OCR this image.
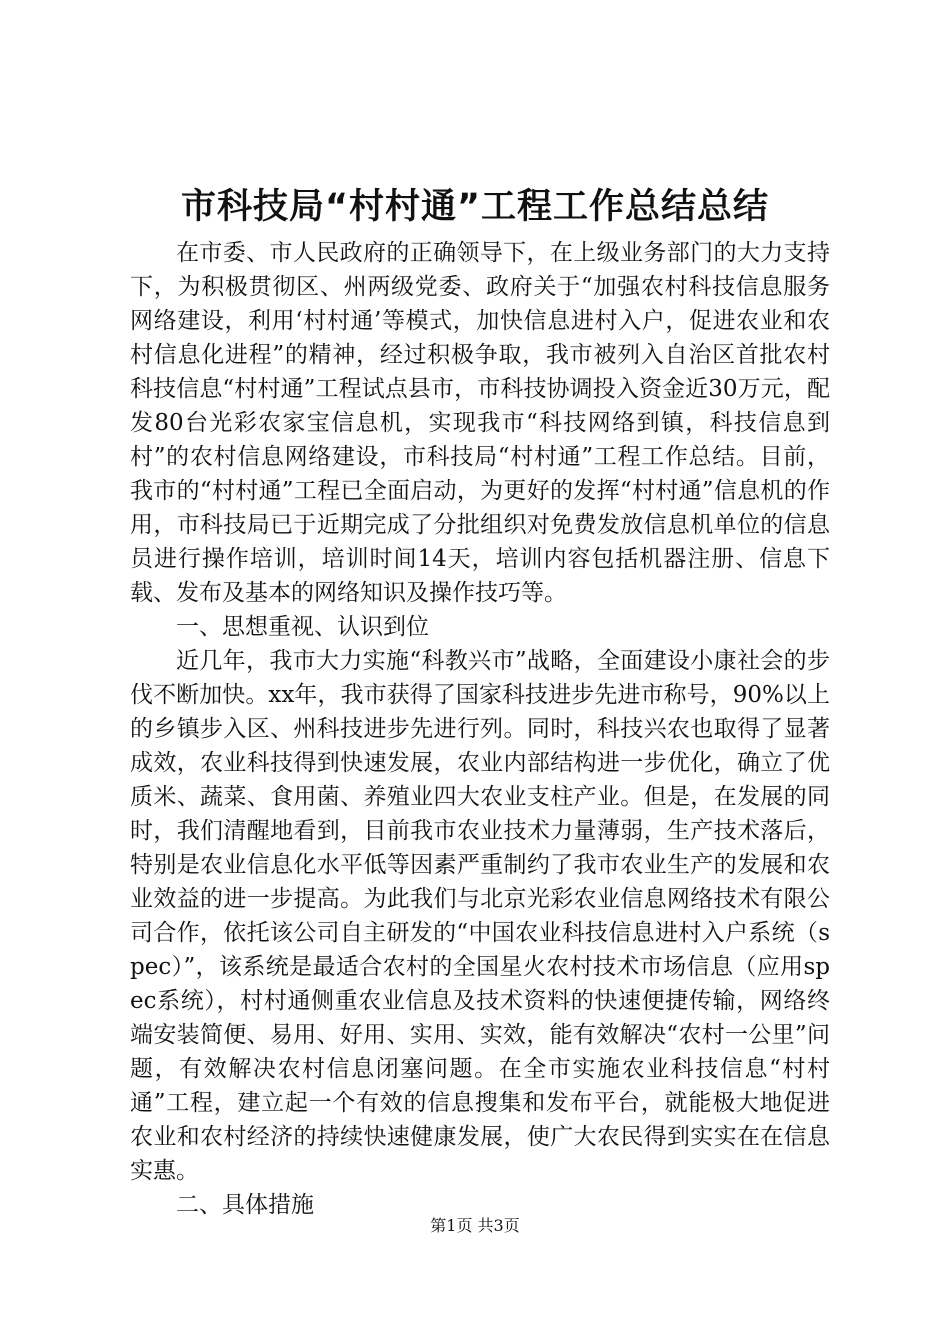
市科技局“村村通”工程工作总结总结

在市委、市人民政府的正确领导下，在上级业务部门的大力支持下，为积极贯彻区、州两级党委、政府关于“加强农村科技信息服务网络建设，利用‘村村通’等模式，加快信息进村入户，促进农业和农村信息化进程”的精神，经过积极争取，我市被列入自治区首批农村科技信息“村村通”工程试点县市，市科技协调投入资金近30万元，配发80台光彩农家宝信息机，实现我市“科技网络到镇，科技信息到村”的农村信息网络建设，市科技局“村村通”工程工作总结。目前，我市的“村村通”工程已全面启动，为更好的发挥“村村通”信息机的作用，市科技局已于近期完成了分批组织对免费发放信息机单位的信息员进行操作培训，培训时间14天，培训内容包括机器注册、信息下载、发布及基本的网络知识及操作技巧等。

一、思想重视、认识到位

近几年，我市大力实施“科教兴市”战略，全面建设小康社会的步伐不断加快。xx年，我市获得了国家科技进步先进市称号，90%以上的乡镇步入区、州科技进步先进行列。同时，科技兴农也取得了显著成效，农业科技得到快速发展，农业内部结构进一步优化，确立了优质米、蔬菜、食用菌、养殖业四大农业支柱产业。但是，在发展的同时，我们清醒地看到，目前我市农业技术力量薄弱，生产技术落后，特别是农业信息化水平低等因素严重制约了我市农业生产的发展和农业效益的进一步提高。为此我们与北京光彩农业信息网络技术有限公司合作，依托该公司自主研发的“中国农业科技信息进村入户系统（spec）”，该系统是最适合农村的全国星火农村技术市场信息（应用spec系统），村村通侧重农业信息及技术资料的快速便捷传输，网络终端安装简便、易用、好用、实用、实效，能有效解决“农村一公里”问题，有效解决农村信息闭塞问题。在全市实施农业科技信息“村村通”工程，建立起一个有效的信息搜集和发布平台，就能极大地促进农业和农村经济的持续快速健康发展，使广大农民得到实实在在信息实惠。

二、具体措施

第1页 共3页
